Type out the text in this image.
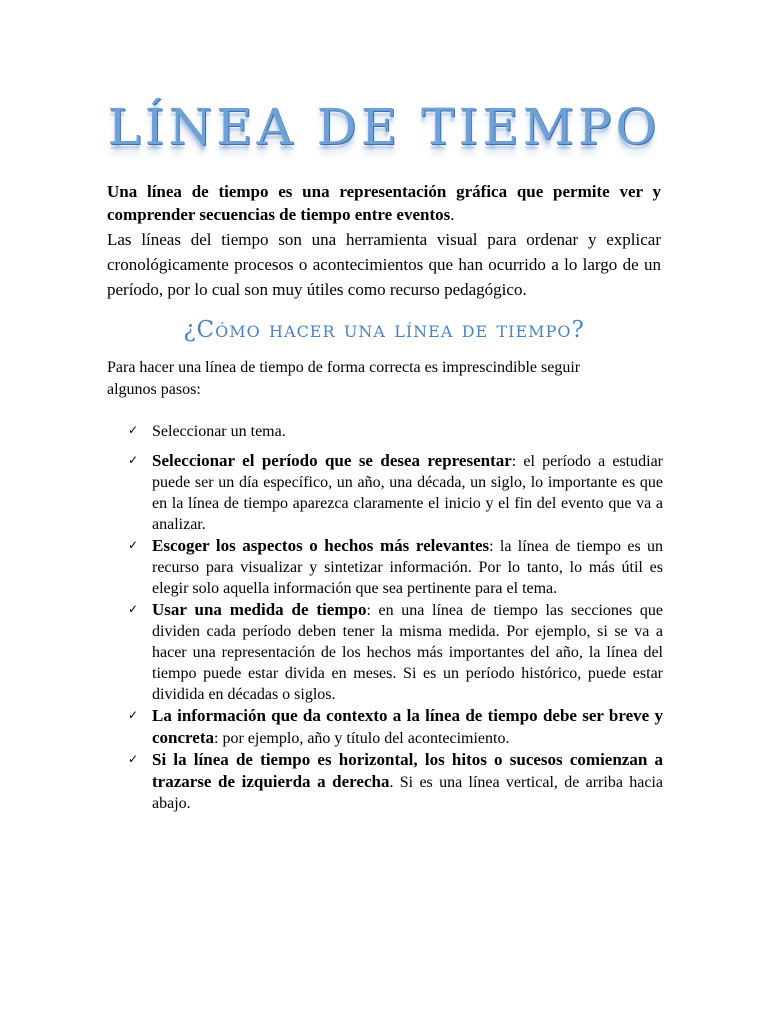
LÍNEA DE TIEMPO

Una línea de tiempo es una representación gráfica que permite ver y comprender secuencias de tiempo entre eventos.

Las líneas del tiempo son una herramienta visual para ordenar y explicar cronológicamente procesos o acontecimientos que han ocurrido a lo largo de un período, por lo cual son muy útiles como recurso pedagógico.

¿Cómo hacer una línea de tiempo?

Para hacer una línea de tiempo de forma correcta es imprescindible seguir algunos pasos:

✓ Seleccionar un tema.
✓ Seleccionar el período que se desea representar: el período a estudiar puede ser un día específico, un año, una década, un siglo, lo importante es que en la línea de tiempo aparezca claramente el inicio y el fin del evento que va a analizar.
✓ Escoger los aspectos o hechos más relevantes: la línea de tiempo es un recurso para visualizar y sintetizar información. Por lo tanto, lo más útil es elegir solo aquella información que sea pertinente para el tema.
✓ Usar una medida de tiempo: en una línea de tiempo las secciones que dividen cada período deben tener la misma medida. Por ejemplo, si se va a hacer una representación de los hechos más importantes del año, la línea del tiempo puede estar divida en meses. Si es un período histórico, puede estar dividida en décadas o siglos.
✓ La información que da contexto a la línea de tiempo debe ser breve y concreta: por ejemplo, año y título del acontecimiento.
✓ Si la línea de tiempo es horizontal, los hitos o sucesos comienzan a trazarse de izquierda a derecha. Si es una línea vertical, de arriba hacia abajo.
